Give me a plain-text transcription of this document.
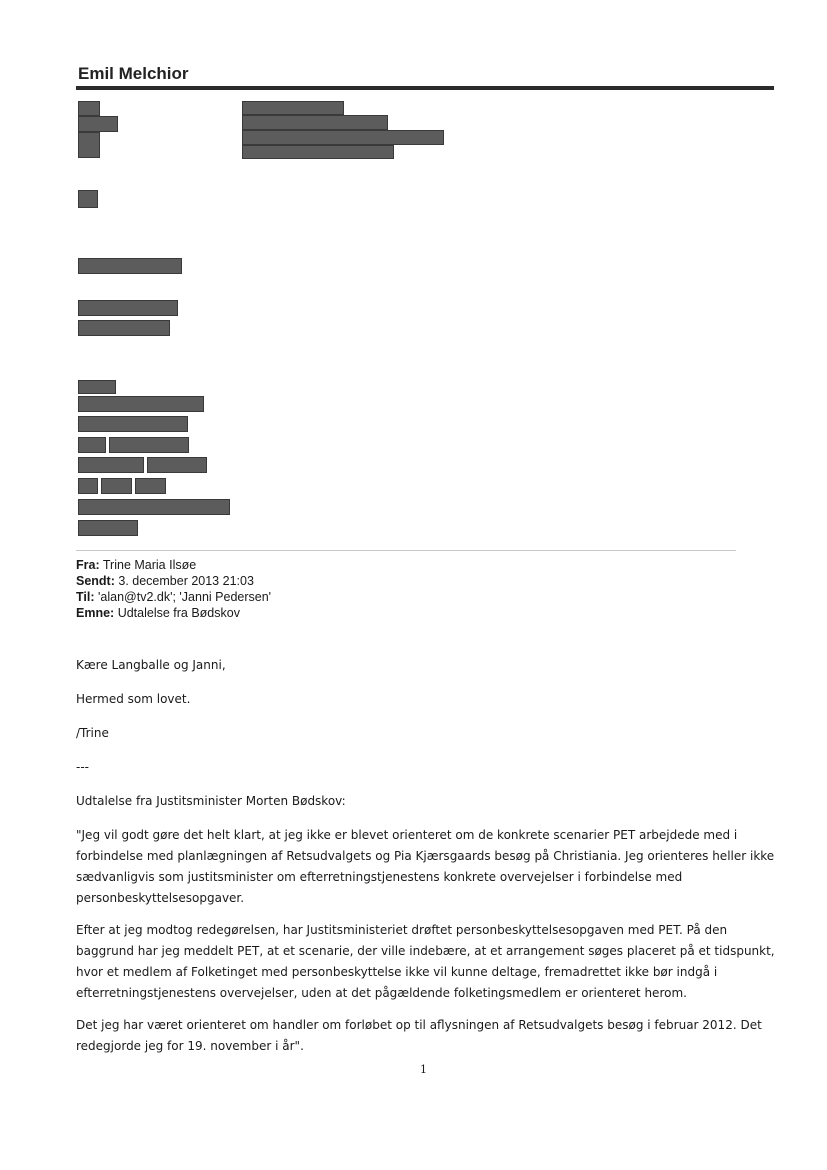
Emil Melchior
Fra: Trine Maria Ilsøe
Sendt: 3. december 2013 21:03
Til: 'alan@tv2.dk'; 'Janni Pedersen'
Emne: Udtalelse fra Bødskov
Kære Langballe og Janni,
Hermed som lovet.
/Trine
---
Udtalelse fra Justitsminister Morten Bødskov:
"Jeg vil godt gøre det helt klart, at jeg ikke er blevet orienteret om de konkrete scenarier PET arbejdede med i forbindelse med planlægningen af Retsudvalgets og Pia Kjærsgaards besøg på Christiania. Jeg orienteres heller ikke sædvanligvis som justitsminister om efterretningstjenestens konkrete overvejelser i forbindelse med personbeskyttelsesopgaver.
Efter at jeg modtog redegørelsen, har Justitsministeriet drøftet personbeskyttelsesopgaven med PET. På den baggrund har jeg meddelt PET, at et scenarie, der ville indebære, at et arrangement søges placeret på et tidspunkt, hvor et medlem af Folketinget med personbeskyttelse ikke vil kunne deltage, fremadrettet ikke bør indgå i efterretningstjenestens overvejelser, uden at det pågældende folketingsmedlem er orienteret herom.
Det jeg har været orienteret om handler om forløbet op til aflysningen af Retsudvalgets besøg i februar 2012. Det redegjorde jeg for 19. november i år".
1
